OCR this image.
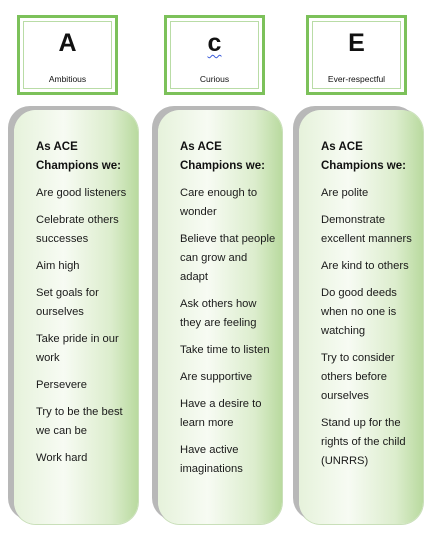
A
Ambitious
c
Curious
E
Ever-respectful
As ACE Champions we:
Are good listeners
Celebrate others successes
Aim high
Set goals for ourselves
Take pride in our work
Persevere
Try to be the best we can be
Work hard
As ACE Champions we:
Care enough to wonder
Believe that people can grow and adapt
Ask others how they are feeling
Take time to listen
Are supportive
Have a desire to learn more
Have active imaginations
As ACE Champions we:
Are polite
Demonstrate excellent manners
Are kind to others
Do good deeds when no one is watching
Try to consider others before ourselves
Stand up for the rights of the child (UNRRS)
